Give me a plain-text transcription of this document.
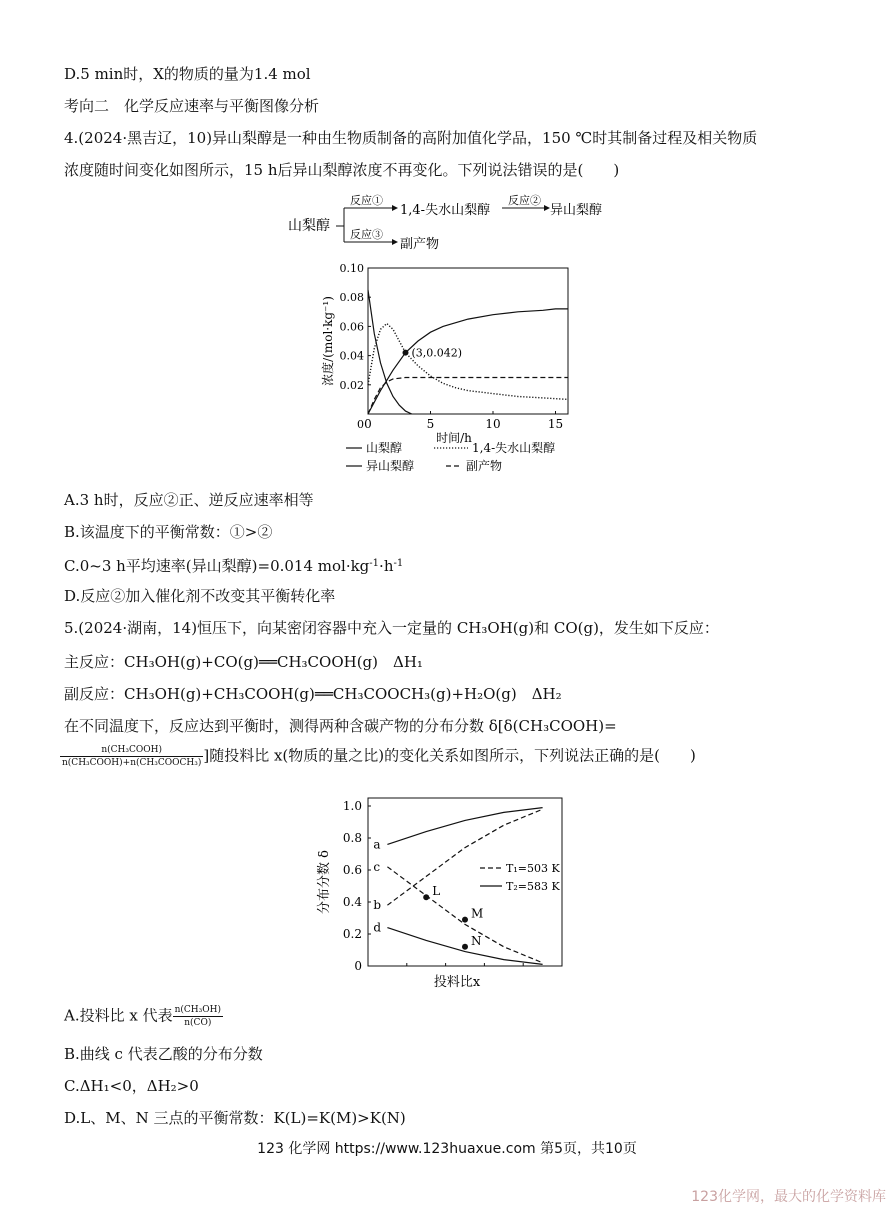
D.5 min时，X的物质的量为1.4 mol
考向二　化学反应速率与平衡图像分析
4.(2024·黑吉辽，10)异山梨醇是一种由生物质制备的高附加值化学品，150 ℃时其制备过程及相关物质
浓度随时间变化如图所示，15 h后异山梨醇浓度不再变化。下列说法错误的是(　　)
山梨醇
反应①
反应③
1,4-失水山梨醇
反应②
异山梨醇
副产物
0	5	10	15
0.02
0.04
0.06
0.08
0.10
0
时间/h
浓度/(mol·kg⁻¹)	(3,0.042)
山梨醇	1,4-失水山梨醇
异山梨醇	副产物
A.3 h时，反应②正、逆反应速率相等
B.该温度下的平衡常数：①>②
C.0~3 h平均速率(异山梨醇)=0.014 $mol\cdot kg^{-1}\cdot h^{-1}$
D.反应②加入催化剂不改变其平衡转化率
5.(2024·湖南，14)恒压下，向某密闭容器中充入一定量的 CH₃OH(g)和 CO(g)，发生如下反应：
主反应：CH₃OH(g)+CO(g)══CH₃COOH(g)　ΔH₁
副反应：CH₃OH(g)+CH₃COOH(g)══CH₃COOCH₃(g)+H₂O(g)　ΔH₂
在不同温度下，反应达到平衡时，测得两种含碳产物的分布分数 δ[δ(CH₃COOH)=
$\frac{\text{n(CH₃COOH)}}{\text{n(CH₃COOH)+n(CH₃COOCH₃)}}$ ]随投料比 x(物质的量之比)的变化关系如图所示，下列说法正确的是(　　)
0
0.2
0.4
0.6
0.8
1.0
投料比x
分布分数 δ
a
b
c
d
L
M
N
T₁=503 K
T₂=583 K
A.投料比 x 代表 $\frac{\text{n(CH₃OH)}}{n(CO)}$
B.曲线 c 代表乙酸的分布分数
C.ΔH₁<0，ΔH₂>0
D.L、M、N 三点的平衡常数：K(L)=K(M)>K(N)
123 化学网 https://www.123huaxue.com 第5页，共10页
123化学网，最大的化学资料库
